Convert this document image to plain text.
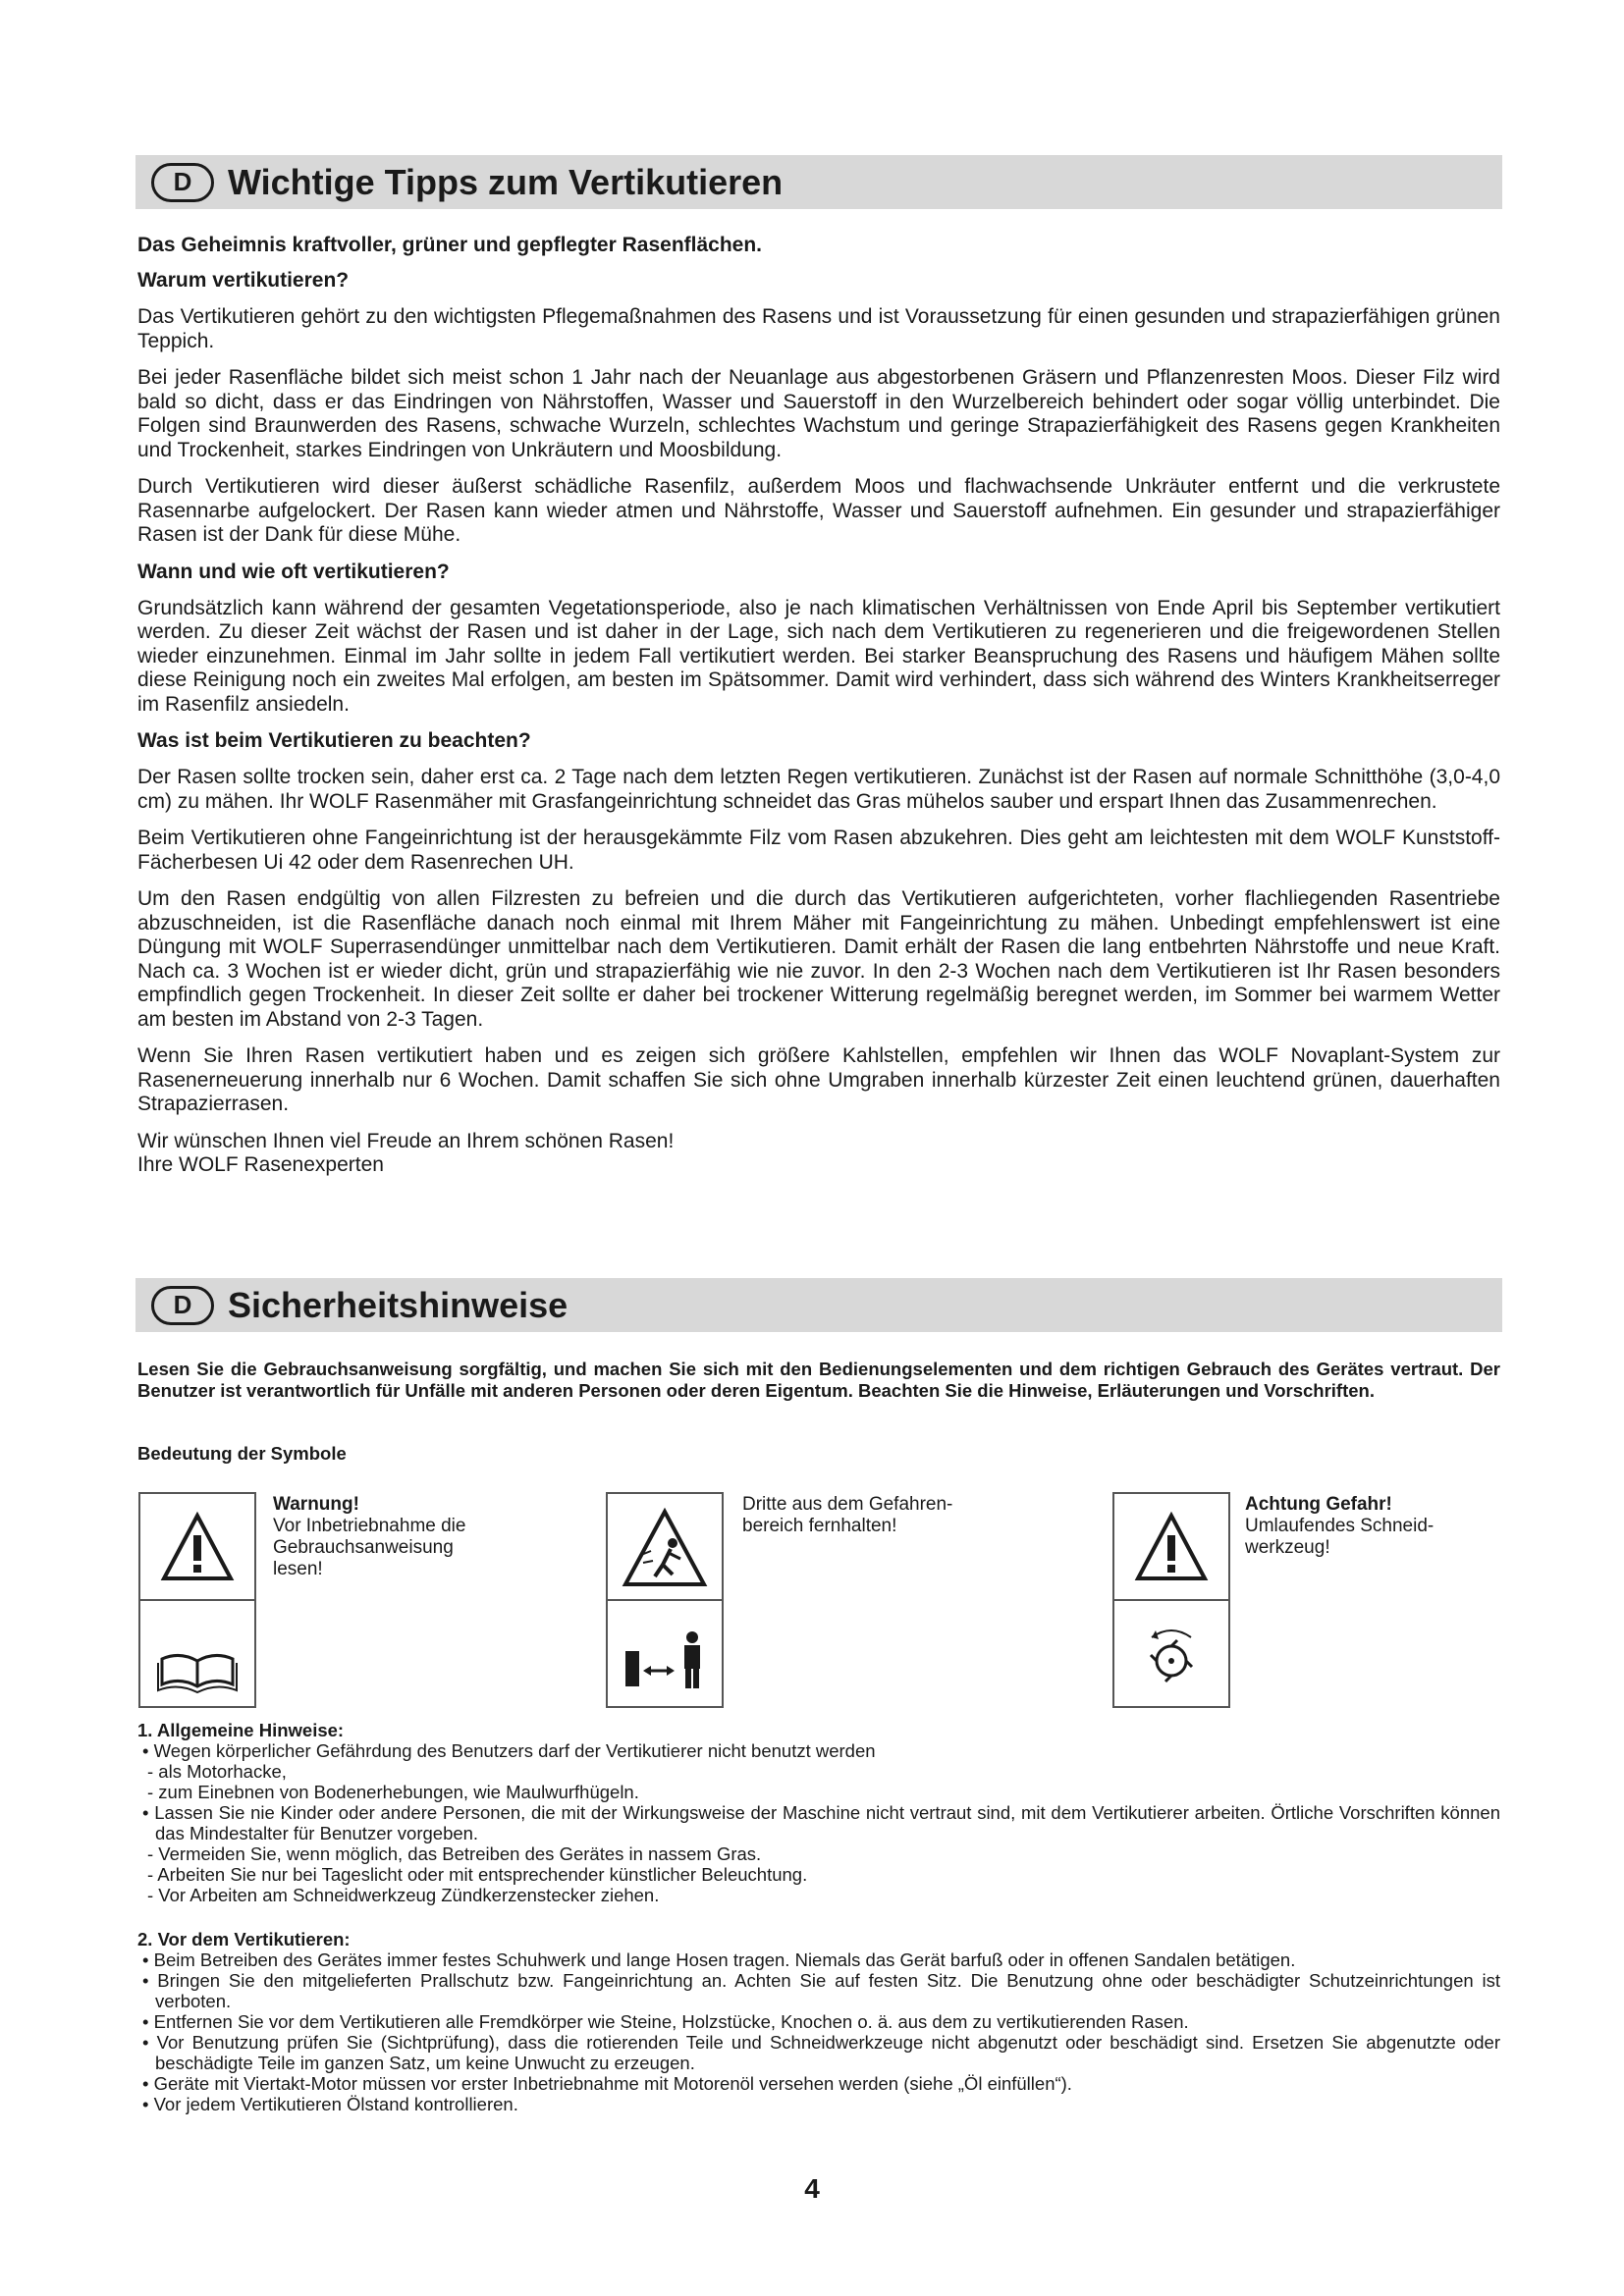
D	Wichtige Tipps zum Vertikutieren

Das Geheimnis kraftvoller, grüner und gepflegter Rasenflächen.

Warum vertikutieren?

Das Vertikutieren gehört zu den wichtigsten Pflegemaßnahmen des Rasens und ist Voraussetzung für einen gesunden und strapazierfähigen grünen Teppich.

Bei jeder Rasenfläche bildet sich meist schon 1 Jahr nach der Neuanlage aus abgestorbenen Gräsern und Pflanzenresten Moos. Dieser Filz wird bald so dicht, dass er das Eindringen von Nährstoffen, Wasser und Sauerstoff in den Wurzelbereich behindert oder sogar völlig unterbindet. Die Folgen sind Braunwerden des Rasens, schwache Wurzeln, schlechtes Wachstum und geringe Strapazierfähigkeit des Rasens gegen Krankheiten und Trockenheit, starkes Eindringen von Unkräutern und Moosbildung.

Durch Vertikutieren wird dieser äußerst schädliche Rasenfilz, außerdem Moos und flachwachsende Unkräuter entfernt und die verkrustete Rasennarbe aufgelockert. Der Rasen kann wieder atmen und Nährstoffe, Wasser und Sauerstoff aufnehmen. Ein gesunder und strapazierfähiger Rasen ist der Dank für diese Mühe.

Wann und wie oft vertikutieren?

Grundsätzlich kann während der gesamten Vegetationsperiode, also je nach klimatischen Verhältnissen von Ende April bis September vertikutiert werden. Zu dieser Zeit wächst der Rasen und ist daher in der Lage, sich nach dem Vertikutieren zu regenerieren und die freigewordenen Stellen wieder einzunehmen. Einmal im Jahr sollte in jedem Fall vertikutiert werden. Bei starker Beanspruchung des Rasens und häufigem Mähen sollte diese Reinigung noch ein zweites Mal erfolgen, am besten im Spätsommer. Damit wird verhindert, dass sich während des Winters Krankheitserreger im Rasenfilz ansiedeln.

Was ist beim Vertikutieren zu beachten?

Der Rasen sollte trocken sein, daher erst ca. 2 Tage nach dem letzten Regen vertikutieren. Zunächst ist der Rasen auf normale Schnitthöhe (3,0-4,0 cm) zu mähen. Ihr WOLF Rasenmäher mit Grasfangeinrichtung schneidet das Gras mühelos sauber und erspart Ihnen das Zusammenrechen.

Beim Vertikutieren ohne Fangeinrichtung ist der herausgekämmte Filz vom Rasen abzukehren. Dies geht am leichtesten mit dem WOLF Kunststoff-Fächerbesen Ui 42 oder dem Rasenrechen UH.

Um den Rasen endgültig von allen Filzresten zu befreien und die durch das Vertikutieren aufgerichteten, vorher flachliegenden Rasentriebe abzuschneiden, ist die Rasenfläche danach noch einmal mit Ihrem Mäher mit Fangeinrichtung zu mähen. Unbedingt empfehlenswert ist eine Düngung mit WOLF Superrasendünger unmittelbar nach dem Vertikutieren. Damit erhält der Rasen die lang entbehrten Nährstoffe und neue Kraft. Nach ca. 3 Wochen ist er wieder dicht, grün und strapazierfähig wie nie zuvor. In den 2-3 Wochen nach dem Vertikutieren ist Ihr Rasen besonders empfindlich gegen Trockenheit. In dieser Zeit sollte er daher bei trockener Witterung regelmäßig beregnet werden, im Sommer bei warmem Wetter am besten im Abstand von 2-3 Tagen.

Wenn Sie Ihren Rasen vertikutiert haben und es zeigen sich größere Kahlstellen, empfehlen wir Ihnen das WOLF Novaplant-System zur Rasenerneuerung innerhalb nur 6 Wochen. Damit schaffen Sie sich ohne Umgraben innerhalb kürzester Zeit einen leuchtend grünen, dauerhaften Strapazierrasen.

Wir wünschen Ihnen viel Freude an Ihrem schönen Rasen!

Ihre WOLF Rasenexperten

D	Sicherheitshinweise

Lesen Sie die Gebrauchsanweisung sorgfältig, und machen Sie sich mit den Bedienungselementen und dem richtigen Gebrauch des Gerätes vertraut. Der Benutzer ist verantwortlich für Unfälle mit anderen Personen oder deren Eigentum. Beachten Sie die Hinweise, Erläuterungen und Vorschriften.

Bedeutung der Symbole

Warnung!
Vor Inbetriebnahme die
Gebrauchsanweisung
lesen!
Dritte aus dem Gefahren-
bereich fernhalten!
Achtung Gefahr!
Umlaufendes Schneid-
werkzeug!

1. Allgemeine Hinweise:

• Wegen körperlicher Gefährdung des Benutzers darf der Vertikutierer nicht benutzt werden

- als Motorhacke,

- zum Einebnen von Bodenerhebungen, wie Maulwurfhügeln.

• Lassen Sie nie Kinder oder andere Personen, die mit der Wirkungsweise der Maschine nicht vertraut sind, mit dem Vertikutierer arbeiten. Örtliche Vorschriften können das Mindestalter für Benutzer vorgeben.

- Vermeiden Sie, wenn möglich, das Betreiben des Gerätes in nassem Gras.

- Arbeiten Sie nur bei Tageslicht oder mit entsprechender künstlicher Beleuchtung.

- Vor Arbeiten am Schneidwerkzeug Zündkerzenstecker ziehen.

2. Vor dem Vertikutieren:

• Beim Betreiben des Gerätes immer festes Schuhwerk und lange Hosen tragen. Niemals das Gerät barfuß oder in offenen Sandalen betätigen.

• Bringen Sie den mitgelieferten Prallschutz bzw. Fangeinrichtung an. Achten Sie auf festen Sitz. Die Benutzung ohne oder beschädigter Schutzeinrichtungen ist verboten.

• Entfernen Sie vor dem Vertikutieren alle Fremdkörper wie Steine, Holzstücke, Knochen o. ä. aus dem zu vertikutierenden Rasen.

• Vor Benutzung prüfen Sie (Sichtprüfung), dass die rotierenden Teile und Schneidwerkzeuge nicht abgenutzt oder beschädigt sind. Ersetzen Sie abgenutzte oder beschädigte Teile im ganzen Satz, um keine Unwucht zu erzeugen.

• Geräte mit Viertakt-Motor müssen vor erster Inbetriebnahme mit Motorenöl versehen werden (siehe „Öl einfüllen“).

• Vor jedem Vertikutieren Ölstand kontrollieren.

4
